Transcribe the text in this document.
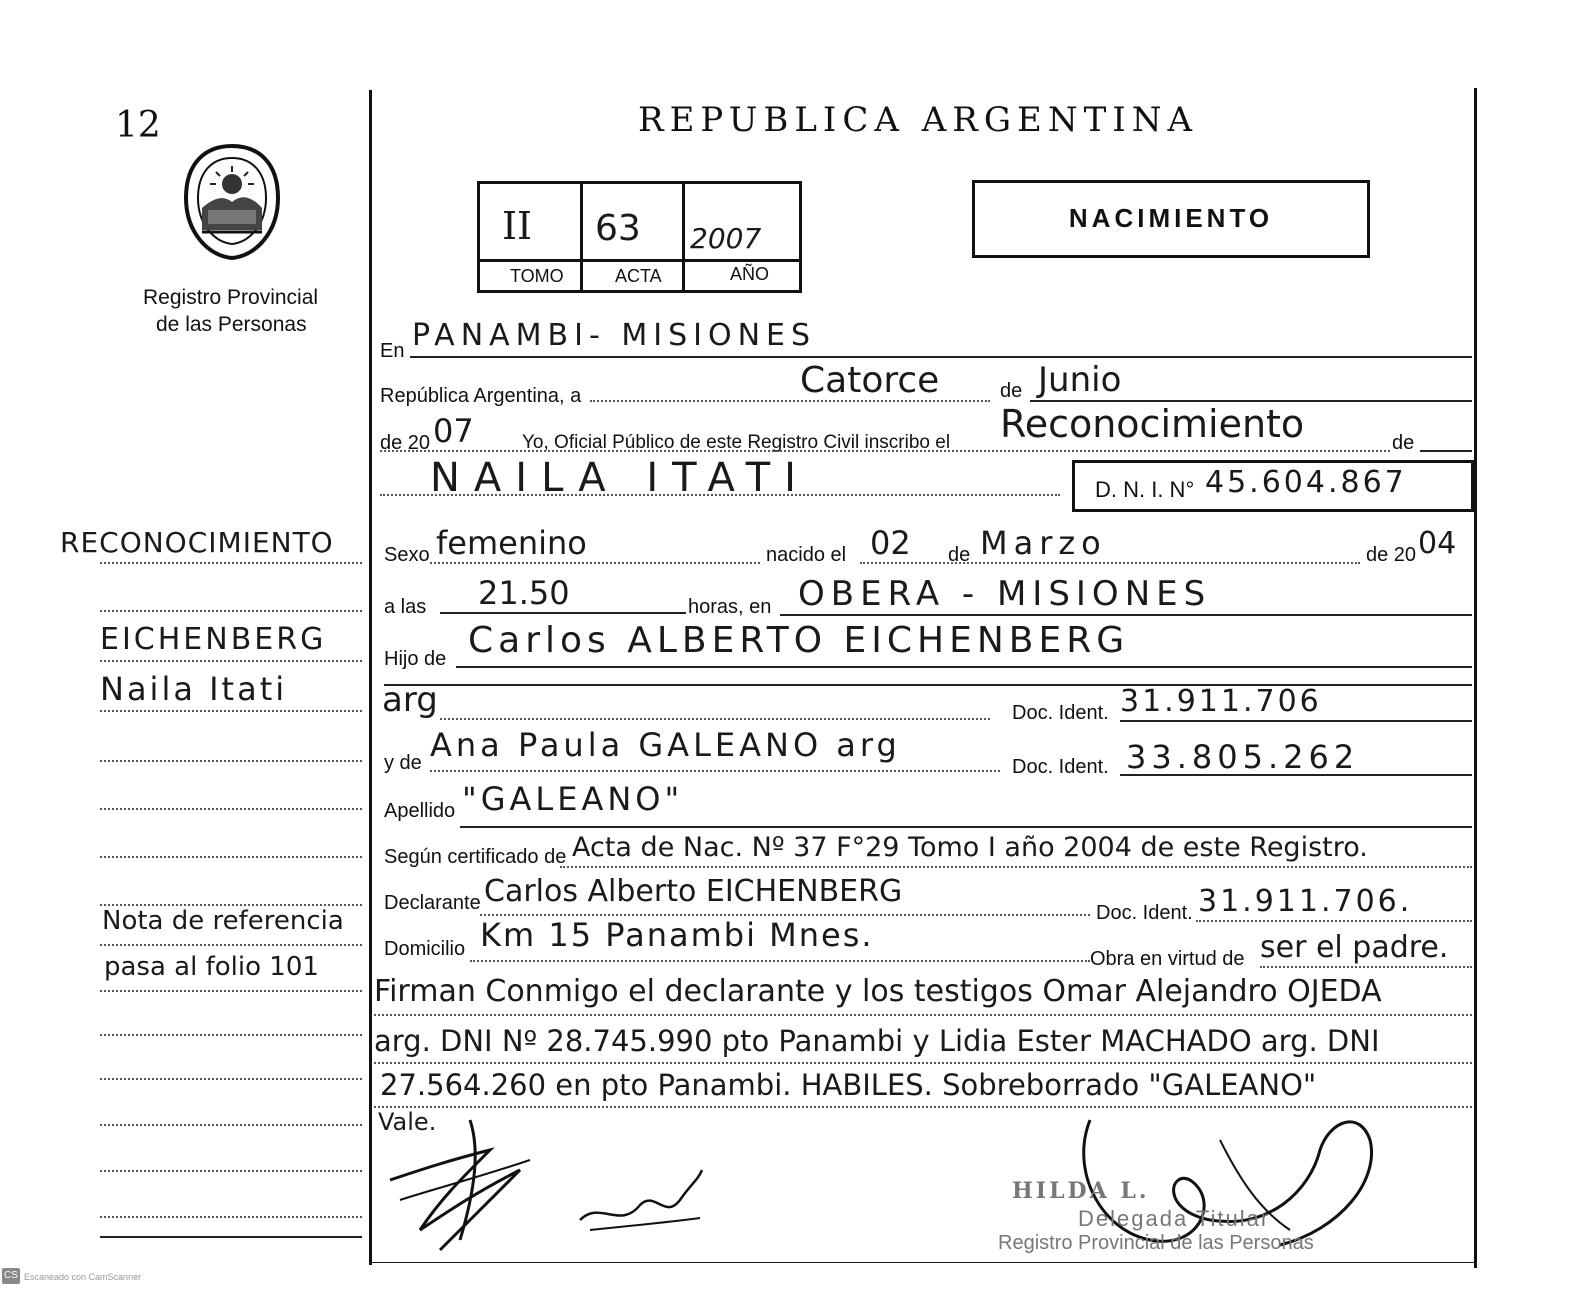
12
Registro Provincial
de las Personas
REPUBLICA ARGENTINA
II 63 2007
TOMO	ACTA	AÑO
NACIMIENTO
En PANAMBI- MISIONES
República Argentina, a	Catorce	de Junio
de 20 07	Yo, Oficial Público de este Registro Civil inscribo el Reconocimiento	de
NAILA ITATI	D. N. I. N° 45.604.867
Sexo femenino	nacido el 02 de Marzo	de 20 04
a las 21.50	horas, en OBERA - MISIONES
Hijo de Carlos ALBERTO EICHENBERG
arg	Doc. Ident. 31.911.706
y de Ana Paula GALEANO arg
Doc. Ident. 33.805.262
Apellido "GALEANO"
Según certificado de Acta de Nac. Nº 37 F°29 Tomo I año 2004 de este Registro.
Declarante Carlos Alberto EICHENBERG
Doc. Ident. 31.911.706.
Domicilio Km 15 Panambi Mnes.
Obra en virtud de ser el padre.
Firman Conmigo el declarante y los testigos Omar Alejandro OJEDA
arg. DNI Nº 28.745.990 pto Panambi y Lidia Ester MACHADO arg. DNI
27.564.260 en pto Panambi. HABILES. Sobreborrado "GALEANO"
Vale.
HILDA L.
Delegada Titular
Registro Provincial de las Personas
RECONOCIMIENTO
EICHENBERG
Naila Itati
Nota de referencia
pasa al folio 101
CS Escaneado con CamScanner
